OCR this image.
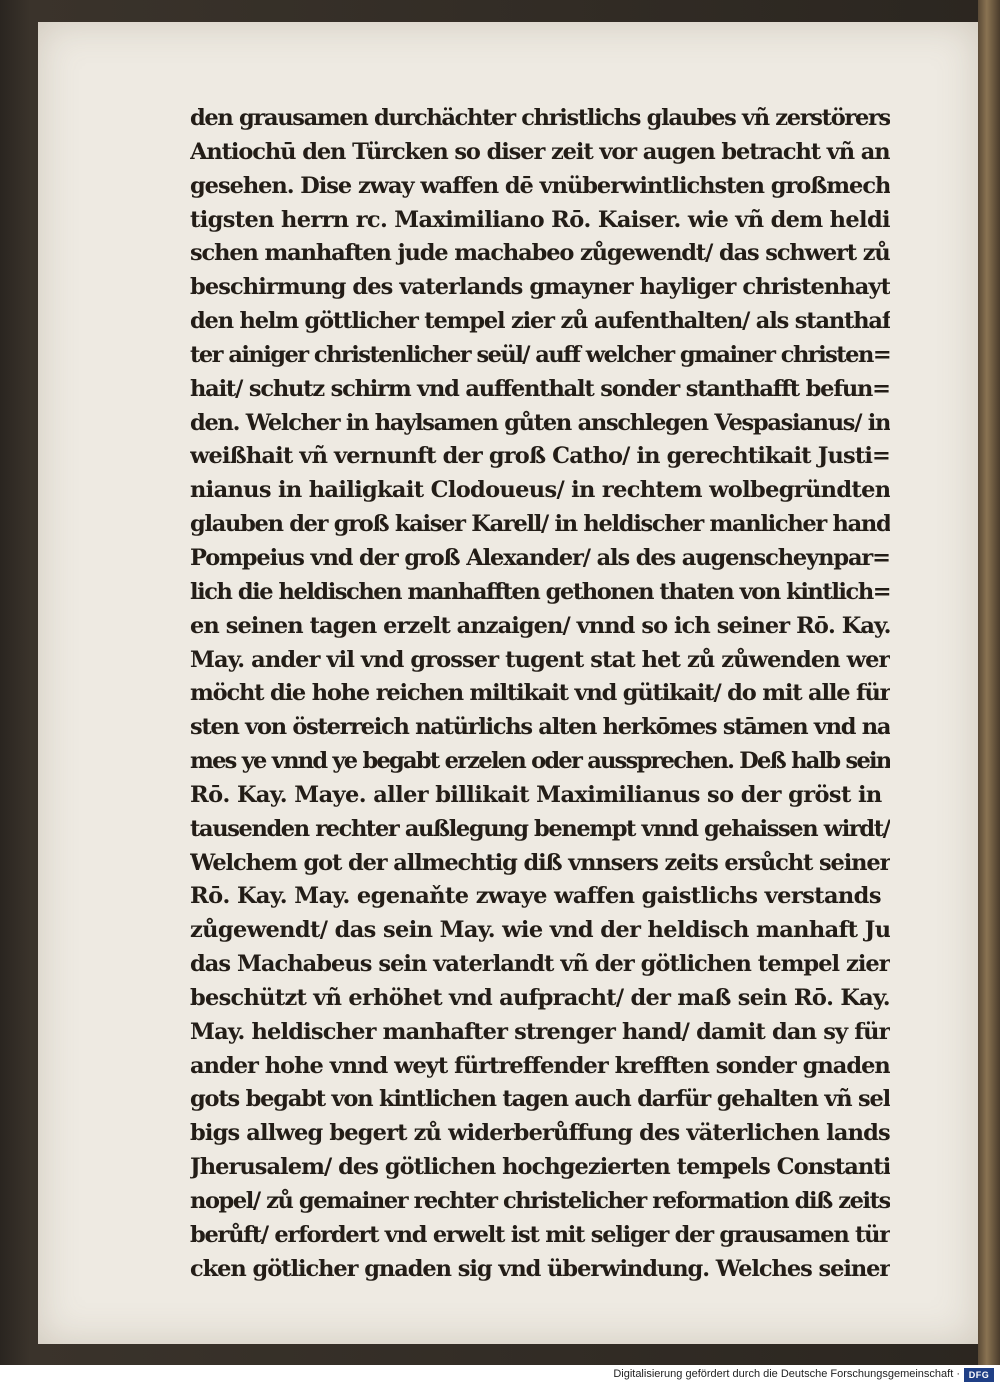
den grausamen durchächter christlichs glaubes vñ zerstörers
Antiochū den Türcken so diser zeit vor augen betracht vñ an
gesehen. Dise zway waffen dē vnüberwintlichsten großmech
tigsten herrn rc. Maximiliano Rō. Kaiser. wie vñ dem heldi
schen manhaften jude machabeo zůgewendt/ das schwert zů
beschirmung des vaterlands gmayner hayliger christenhayt
den helm göttlicher tempel zier zů aufenthalten/ als stanthaf
ter ainiger christenlicher seül/ auff welcher gmainer christen=
hait/ schutz schirm vnd auffenthalt sonder stanthafft befun=
den. Welcher in haylsamen gůten anschlegen Vespasianus/ in
weißhait vñ vernunft der groß Catho/ in gerechtikait Justi=
nianus in hailigkait Clodoueus/ in rechtem wolbegründten
glauben der groß kaiser Karell/ in heldischer manlicher hand
Pompeius vnd der groß Alexander/ als des augenscheynpar=
lich die heldischen manhafften gethonen thaten von kintlich=
en seinen tagen erzelt anzaigen/ vnnd so ich seiner Rō. Kay.
May. ander vil vnd grosser tugent stat het zů zůwenden wer
möcht die hohe reichen miltikait vnd gütikait/ do mit alle für
sten von österreich natürlichs alten herkōmes stāmen vnd na
mes ye vnnd ye begabt erzelen oder aussprechen. Deß halb sein
Rō. Kay. Maye. aller billikait Maximilianus so der gröst in
tausenden rechter außlegung benempt vnnd gehaissen wirdt/
Welchem got der allmechtig diß vnnsers zeits ersůcht seiner
Rō. Kay. May. egenaňte zwaye waffen gaistlichs verstands
zůgewendt/ das sein May. wie vnd der heldisch manhaft Ju
das Machabeus sein vaterlandt vñ der götlichen tempel zier
beschützt vñ erhöhet vnd aufpracht/ der maß sein Rō. Kay.
May. heldischer manhafter strenger hand/ damit dan sy für
ander hohe vnnd weyt fürtreffender krefften sonder gnaden
gots begabt von kintlichen tagen auch darfür gehalten vñ sel
bigs allweg begert zů widerberůffung des väterlichen lands
Jherusalem/ des götlichen hochgezierten tempels Constanti
nopel/ zů gemainer rechter christelicher reformation diß zeits
berůft/ erfordert vnd erwelt ist mit seliger der grausamen tür
cken götlicher gnaden sig vnd überwindung. Welches seiner
Digitalisierung gefördert durch die Deutsche Forschungsgemeinschaft · DFG
